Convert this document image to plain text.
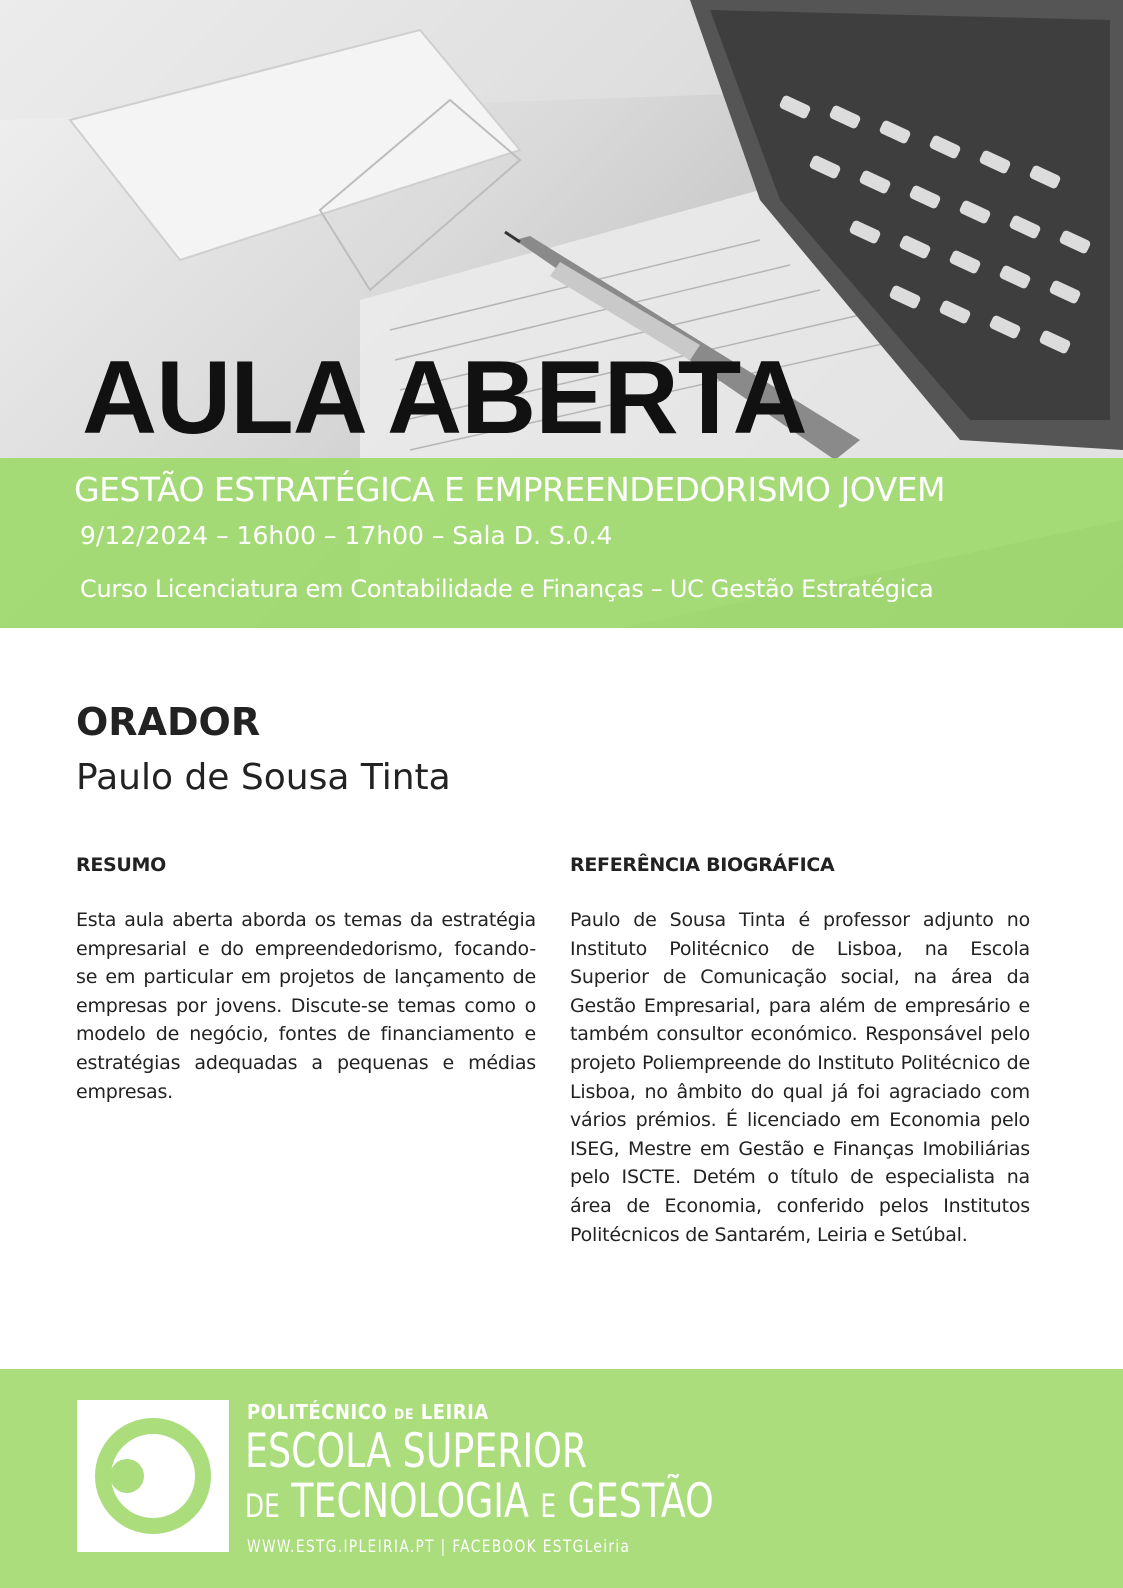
AULA ABERTA

GESTÃO ESTRATÉGICA E EMPREENDEDORISMO JOVEM

9/12/2024 – 16h00 – 17h00 – Sala D. S.0.4

Curso Licenciatura em Contabilidade e Finanças – UC Gestão Estratégica

ORADOR

Paulo de Sousa Tinta

RESUMO

Esta aula aberta aborda os temas da estratégia empresarial e do empreendedorismo, focando-se em particular em projetos de lançamento de empresas por jovens. Discute-se temas como o modelo de negócio, fontes de financiamento e estratégias adequadas a pequenas e médias empresas.

REFERÊNCIA BIOGRÁFICA

Paulo de Sousa Tinta é professor adjunto no Instituto Politécnico de Lisboa, na Escola Superior de Comunicação social, na área da Gestão Empresarial, para além de empresário e também consultor económico. Responsável pelo projeto Poliempreende do Instituto Politécnico de Lisboa, no âmbito do qual já foi agraciado com vários prémios. É licenciado em Economia pelo ISEG, Mestre em Gestão e Finanças Imobiliárias pelo ISCTE. Detém o título de especialista na área de Economia, conferido pelos Institutos Politécnicos de Santarém, Leiria e Setúbal.

POLITÉCNICO DE LEIRIA

ESCOLA SUPERIOR

DE TECNOLOGIA E GESTÃO

WWW.ESTG.IPLEIRIA.PT | FACEBOOK ESTGLeiria
